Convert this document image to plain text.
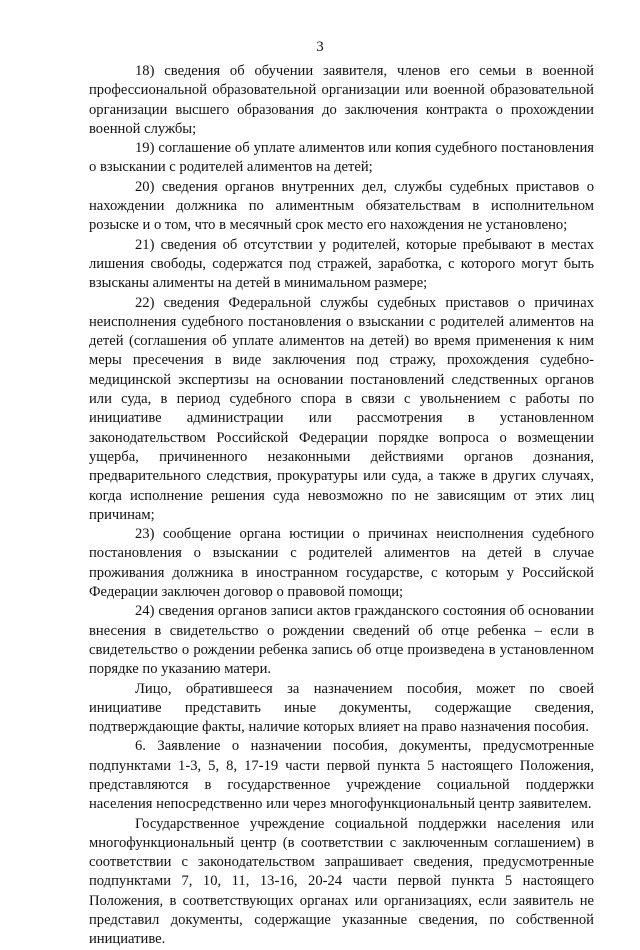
3

18) сведения об обучении заявителя, членов его семьи в военной профессиональной образовательной организации или военной образовательной организации высшего образования до заключения контракта о прохождении военной службы;

19) соглашение об уплате алиментов или копия судебного постановления о взыскании с родителей алиментов на детей;

20) сведения органов внутренних дел, службы судебных приставов о нахождении должника по алиментным обязательствам в исполнительном розыске и о том, что в месячный срок место его нахождения не установлено;

21) сведения об отсутствии у родителей, которые пребывают в местах лишения свободы, содержатся под стражей, заработка, с которого могут быть взысканы алименты на детей в минимальном размере;

22) сведения Федеральной службы судебных приставов о причинах неисполнения судебного постановления о взыскании с родителей алиментов на детей (соглашения об уплате алиментов на детей) во время применения к ним меры пресечения в виде заключения под стражу, прохождения судебно-медицинской экспертизы на основании постановлений следственных органов или суда, в период судебного спора в связи с увольнением с работы по инициативе администрации или рассмотрения в установленном законодательством Российской Федерации порядке вопроса о возмещении ущерба, причиненного незаконными действиями органов дознания, предварительного следствия, прокуратуры или суда, а также в других случаях, когда исполнение решения суда невозможно по не зависящим от этих лиц причинам;

23) сообщение органа юстиции о причинах неисполнения судебного постановления о взыскании с родителей алиментов на детей в случае проживания должника в иностранном государстве, с которым у Российской Федерации заключен договор о правовой помощи;

24) сведения органов записи актов гражданского состояния об основании внесения в свидетельство о рождении сведений об отце ребенка – если в свидетельство о рождении ребенка запись об отце произведена в установленном порядке по указанию матери.

Лицо, обратившееся за назначением пособия, может по своей инициативе представить иные документы, содержащие сведения, подтверждающие факты, наличие которых влияет на право назначения пособия.

6. Заявление о назначении пособия, документы, предусмотренные подпунктами 1-3, 5, 8, 17-19 части первой пункта 5 настоящего Положения, представляются в государственное учреждение социальной поддержки населения непосредственно или через многофункциональный центр заявителем.

Государственное учреждение социальной поддержки населения или многофункциональный центр (в соответствии с заключенным соглашением) в соответствии с законодательством запрашивает сведения, предусмотренные подпунктами 7, 10, 11, 13-16, 20-24 части первой пункта 5 настоящего Положения, в соответствующих органах или организациях, если заявитель не представил документы, содержащие указанные сведения, по собственной инициативе.
